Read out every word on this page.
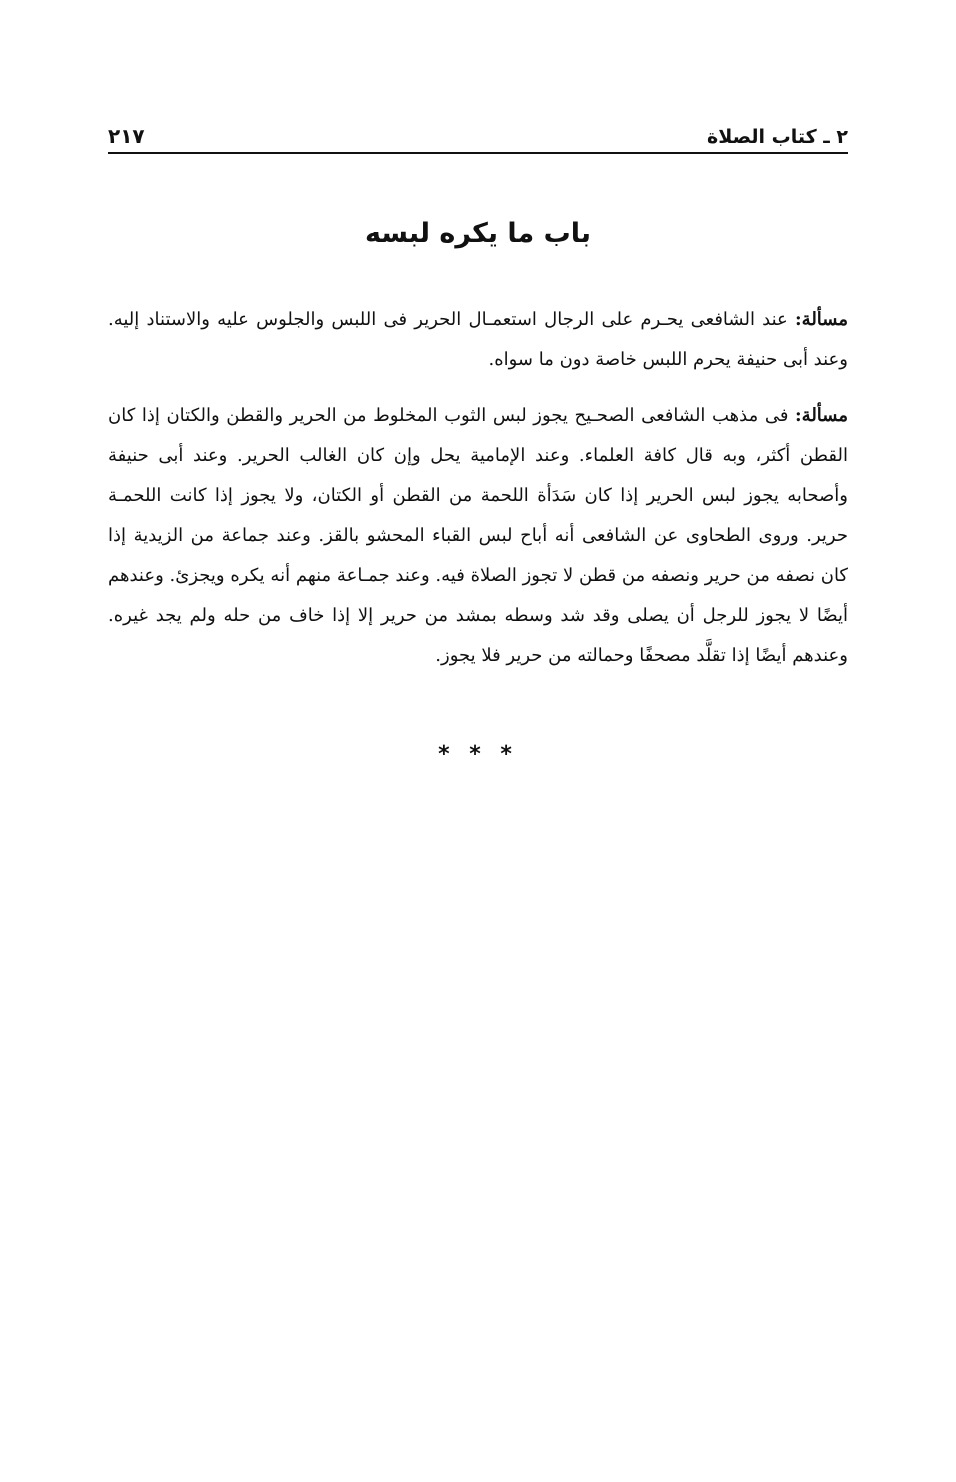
٢ ـ كتاب الصلاة
٢١٧
باب ما يكره لبسه

مسألة: عند الشافعى يحـرم على الرجال استعمـال الحرير فى اللبس والجلوس عليه والاستناد إليه. وعند أبى حنيفة يحرم اللبس خاصة دون ما سواه.

مسألة: فى مذهب الشافعى الصحـيح يجوز لبس الثوب المخلوط من الحرير والقطن والكتان إذا كان القطن أكثر، وبه قال كافة العلماء. وعند الإمامية يحل وإن كان الغالب الحرير. وعند أبى حنيفة وأصحابه يجوز لبس الحرير إذا كان سَدَأة اللحمة من القطن أو الكتان، ولا يجوز إذا كانت اللحمـة حرير. وروى الطحاوى عن الشافعى أنه أباح لبس القباء المحشو بالقز. وعند جماعة من الزيدية إذا كان نصفه من حرير ونصفه من قطن لا تجوز الصلاة فيه. وعند جمـاعة منهم أنه يكره ويجزئ. وعندهم أيضًا لا يجوز للرجل أن يصلى وقد شد وسطه بمشد من حرير إلا إذا خاف من حله ولم يجد غيره. وعندهم أيضًا إذا تقلَّد مصحفًا وحمالته من حرير فلا يجوز.

* * *
